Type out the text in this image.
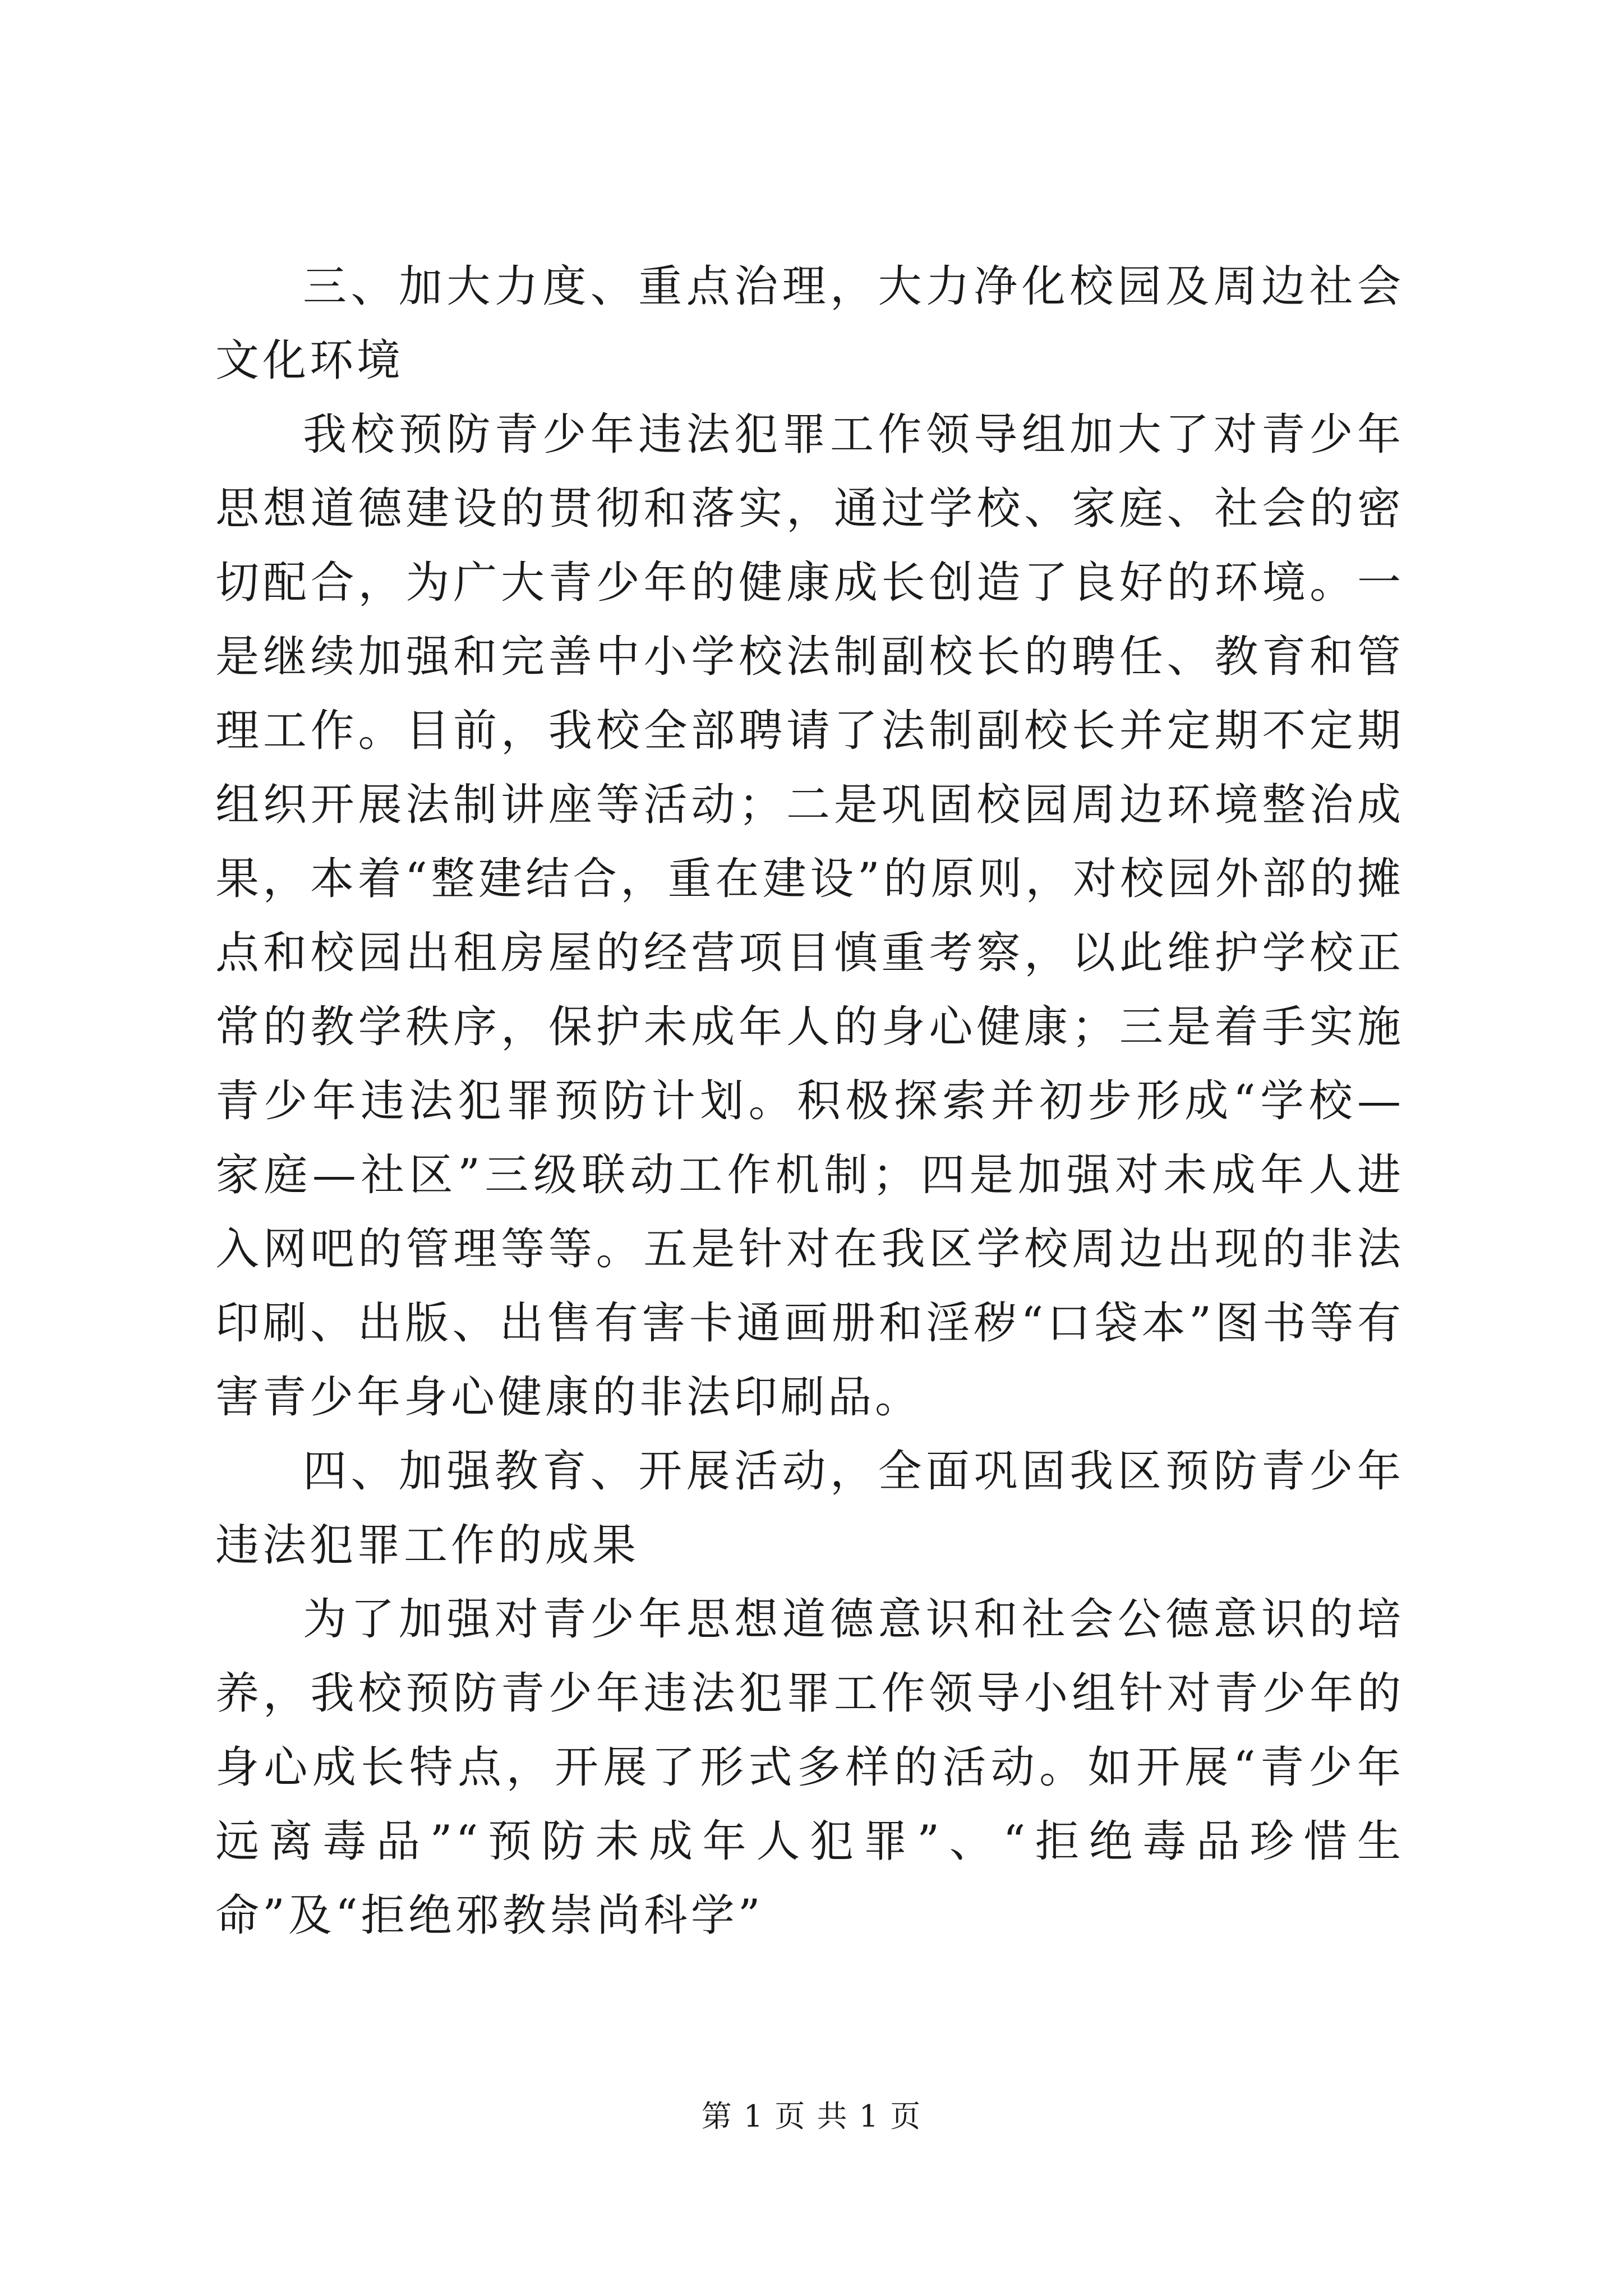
三、加大力度、重点治理，大力净化校园及周边社会文化环境

我校预防青少年违法犯罪工作领导组加大了对青少年思想道德建设的贯彻和落实，通过学校、家庭、社会的密切配合，为广大青少年的健康成长创造了良好的环境。一是继续加强和完善中小学校法制副校长的聘任、教育和管理工作。目前，我校全部聘请了法制副校长并定期不定期组织开展法制讲座等活动；二是巩固校园周边环境整治成果，本着“整建结合，重在建设”的原则，对校园外部的摊点和校园出租房屋的经营项目慎重考察，以此维护学校正常的教学秩序，保护未成年人的身心健康；三是着手实施青少年违法犯罪预防计划。积极探索并初步形成“学校—家庭—社区”三级联动工作机制；四是加强对未成年人进入网吧的管理等等。五是针对在我区学校周边出现的非法印刷、出版、出售有害卡通画册和淫秽“口袋本”图书等有害青少年身心健康的非法印刷品。

四、加强教育、开展活动，全面巩固我区预防青少年违法犯罪工作的成果

为了加强对青少年思想道德意识和社会公德意识的培养，我校预防青少年违法犯罪工作领导小组针对青少年的身心成长特点，开展了形式多样的活动。如开展“青少年远离毒品”“预防未成年人犯罪”、“拒绝毒品珍惜生命”及“拒绝邪教崇尚科学”

第 1 页 共 1 页
